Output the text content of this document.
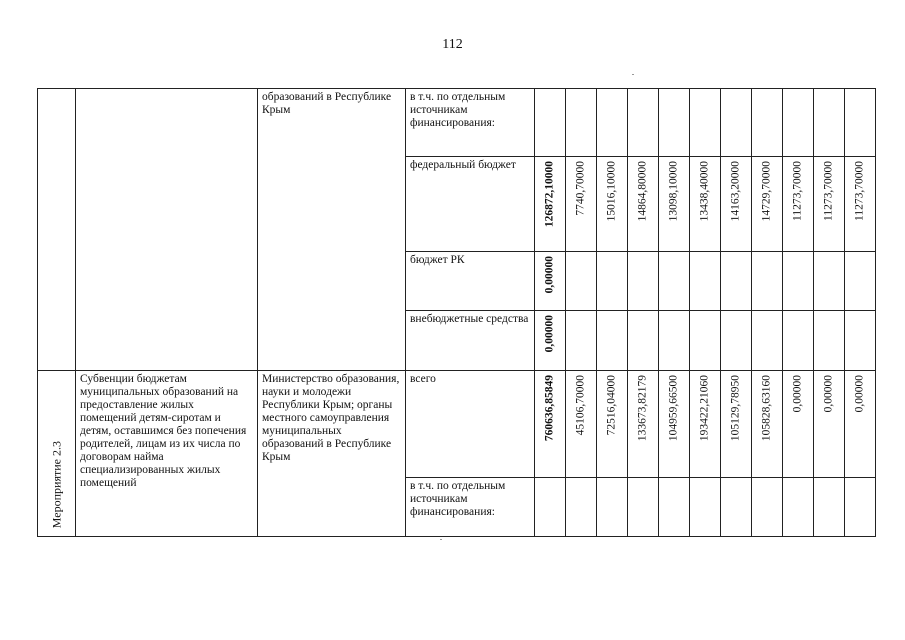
112

		образований в Республике Крым	в т.ч. по отдельным источникам финансирования:											

			федеральный бюджет	126872,10000	7740,70000	15016,10000	14864,80000	13098,10000	13438,40000	14163,20000	14729,70000	11273,70000	11273,70000	11273,70000

			бюджет РК	0,00000										

			внебюджетные средства	0,00000										

Мероприятие 2.3	Субвенции бюджетам муниципальных образований на предоставление жилых помещений детям-сиротам и детям, оставшимся без попечения родителей, лицам из их числа по договорам найма специализированных жилых помещений	Министерство образования, науки и молодежи Республики Крым; органы местного самоуправления муниципальных образований в Республике Крым	всего	760636,85849	45106,70000	72516,04000	133673,82179	104959,66500	193422,21060	105129,78950	105828,63160	0,00000	0,00000	0,00000

			в т.ч. по отдельным источникам финансирования:											
